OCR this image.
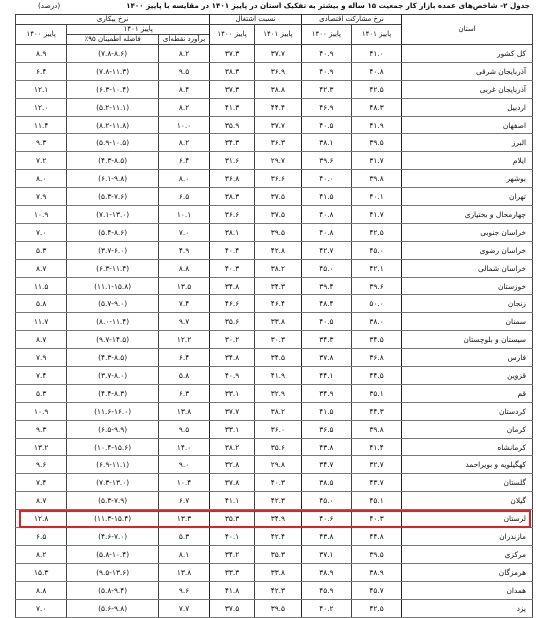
جدول ۲- شاخص‌های عمده بازار کار جمعیت ۱۵ ساله و بیشتر به تفکیک استان در پاییز ۱۴۰۱ در مقایسه با پاییز ۱۴۰۰
(درصد)
استان	نرخ مشارکت اقتصادی		نسبت اشتغال		نرخ بیکاری		
	پاییز ۱۴۰۱	پاییز ۱۴۰۰	پاییز ۱۴۰۱	پاییز ۱۴۰۰	پاییز ۱۴۰۱		پاییز ۱۴۰۰
					برآورد نقطه‌ای	فاصله اطمینان ۹۵٪	
کل کشور	۴۱.۰	۴۰.۹	۳۷.۷	۳۷.۳	۸.۲	(۷.۸-۸.۶)	۸.۹
آذربایجان شرقی	۴۰.۸	۴۰.۹	۳۶.۹	۳۸.۳	۹.۵	(۷.۸-۱۱.۳)	۶.۴
آذربایجان غربی	۴۲.۵	۴۲.۳	۳۸.۸	۳۷.۳	۸.۴	(۶.۳-۱۰.۴)	۱۲.۱
اردبیل	۴۸.۳	۴۶.۹	۴۴.۴	۴۱.۳	۸.۲	(۵.۲-۱۱.۱)	۱۲.۰
اصفهان	۴۱.۹	۴۰.۵	۳۷.۷	۳۵.۹	۱۰.۰	(۸.۲-۱۱.۸)	۱۱.۴
البرز	۳۹.۵	۳۸.۱	۳۶.۳	۳۴.۳	۸.۲	(۵.۹-۱۰.۵)	۹.۳
ایلام	۳۱.۷	۳۹.۶	۲۹.۷	۳۱.۶	۶.۴	(۴.۳-۸.۵)	۷.۲
بوشهر	۳۹.۸	۴۰.۰	۳۶.۶	۳۶.۸	۸.۰	(۶.۱-۹.۸)	۸.۰
تهران	۴۰.۱	۴۱.۵	۳۷.۵	۳۸.۳	۶.۵	(۵.۳-۷.۶)	۷.۹
چهارمحال و بختیاری	۴۱.۷	۴۰.۸	۳۷.۵	۳۶.۶	۱۰.۱	(۷.۱-۱۳.۰)	۱۰.۹
خراسان جنوبی	۴۲.۵	۴۰.۸	۳۹.۵	۳۸.۱	۷.۰	(۵.۴-۸.۶)	۷.۰
خراسان رضوی	۴۵.۰	۴۲.۷	۴۲.۸	۴۰.۴	۴.۹	(۳.۷-۶.۰)	۵.۳
خراسان شمالی	۴۲.۱	۴۵.۰	۳۸.۲	۴۰.۳	۸.۸	(۶.۳-۱۱.۴)	۸.۷
خوزستان	۳۹.۶	۳۹.۴	۳۴.۳	۳۴.۸	۱۳.۵	(۱۱.۱-۱۵.۸)	۱۱.۵
زنجان	۵۰.۰	۴۸.۴	۴۶.۴	۴۶.۶	۷.۴	(۵.۷-۹.۰)	۵.۸
سمنان	۳۸.۰	۴۰.۵	۳۳.۸	۳۵.۶	۹.۷	(۸.۰-۱۱.۴)	۱۱.۷
سیستان و بلوچستان	۳۴.۵	۳۴.۳	۳۰.۳	۳۰.۲	۱۲.۲	(۹.۷-۱۴.۵)	۸.۷
فارس	۳۶.۸	۳۷.۸	۳۴.۵	۳۴.۸	۶.۴	(۴.۳-۸.۵)	۷.۹
قزوین	۴۴.۵	۴۴.۱	۴۱.۹	۴۰.۹	۵.۸	(۳.۷-۸.۰)	۷.۴
قم	۳۵.۱	۳۴.۹	۳۲.۹	۳۳.۱	۶.۳	(۴.۴-۸.۳)	۵.۳
کردستان	۴۴.۳	۴۱.۵	۳۸.۲	۳۷.۷	۱۳.۸	(۱۱.۶-۱۶.۰)	۱۰.۹
کرمان	۳۹.۸	۳۶.۵	۳۶.۰	۳۳.۱	۹.۵	(۶.۵-۹.۹)	۹.۳
کرمانشاه	۴۱.۴	۴۳.۸	۳۵.۶	۳۸.۲	۱۴.۰	(۱۰.۴-۱۵.۶)	۱۳.۲
کهگیلویه و بویراحمد	۳۲.۷	۳۴.۷	۲۹.۸	۳۲.۸	۹.۰	(۶.۹-۱۱.۱)	۹.۶
گلستان	۴۳.۷	۳۸.۵	۴۰.۳	۳۷.۸	۱۰.۴	(۷.۳-۱۳.۰)	۷.۴
گیلان	۴۵.۱	۴۵.۰	۴۲.۳	۴۱.۱	۶.۷	(۵.۳-۷.۹)	۸.۷
لرستان	۴۰.۳	۴۰.۶	۳۴.۹	۳۵.۳	۱۳.۳	(۱۱.۳-۱۵.۴)	۱۲.۸
مازندران	۴۴.۸	۴۳.۸	۴۲.۴	۴۰.۱	۵.۳	(۴.۶-۷.۰)	۶.۵
مرکزی	۳۹.۵	۳۷.۱	۳۵.۳	۳۴.۲	۸.۱	(۵.۸-۱۰.۴)	۸.۲
هرمزگان	۳۸.۹	۳۸.۹	۳۳.۸	۳۳.۳	۱۳.۸	(۹.۵-۱۳.۶)	۱۵.۳
همدان	۴۵.۷	۴۵.۹	۴۲.۳	۴۱.۸	۹.۶	(۵.۸-۹.۴)	۸.۸
یزد	۴۲.۵	۴۰.۲	۳۹.۵	۳۷.۵	۷.۷	(۵.۶-۹.۸)	۷.۰
